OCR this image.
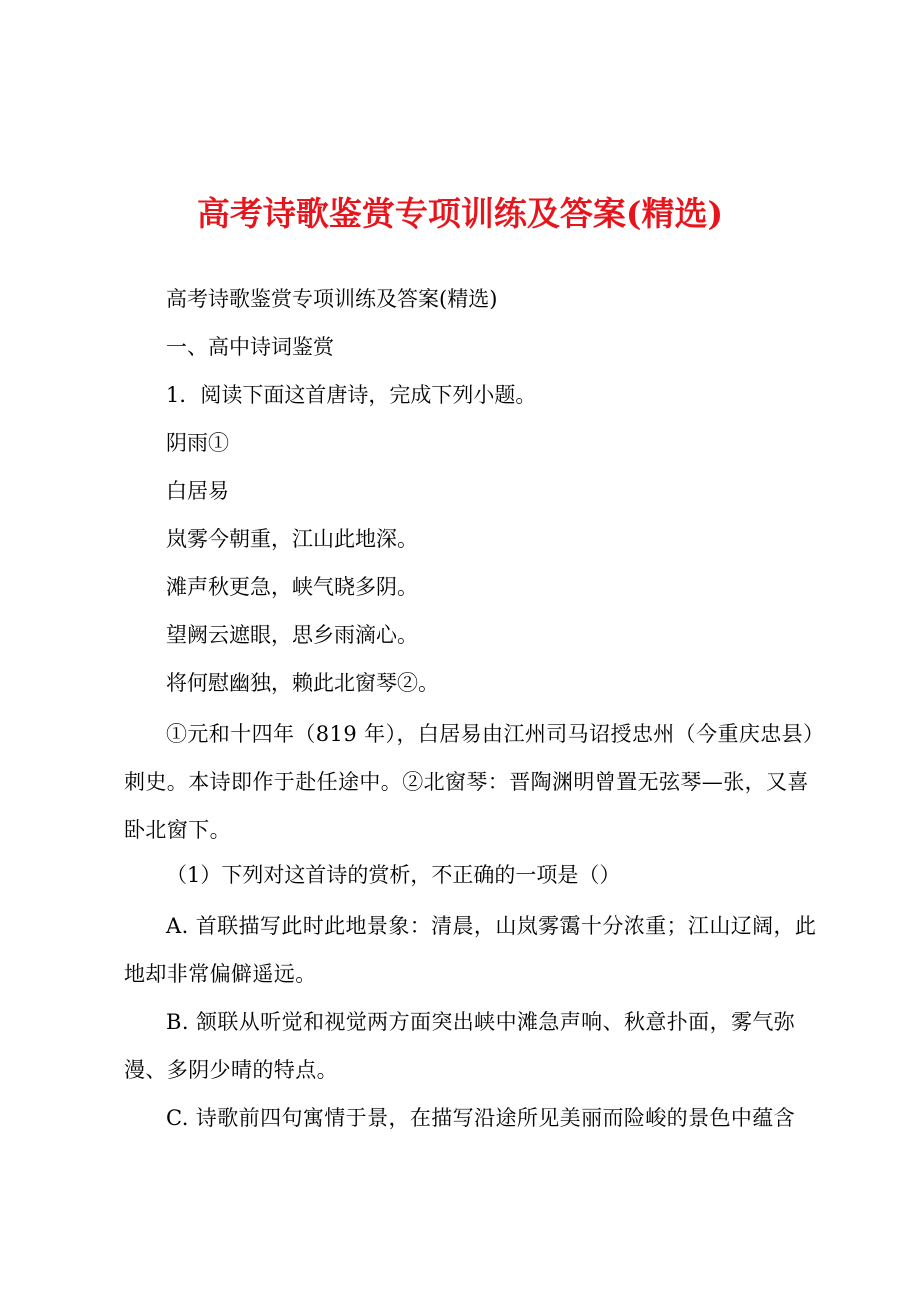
高考诗歌鉴赏专项训练及答案(精选)
高考诗歌鉴赏专项训练及答案(精选)
一、高中诗词鉴赏
1．阅读下面这首唐诗，完成下列小题。
阴雨①
白居易
岚雾今朝重，江山此地深。
滩声秋更急，峡气晓多阴。
望阙云遮眼，思乡雨滴心。
将何慰幽独，赖此北窗琴②。
①元和十四年（819 年），白居易由江州司马诏授忠州（今重庆忠县）刺史。本诗即作于赴任途中。②北窗琴：晋陶渊明曾置无弦琴—张，又喜卧北窗下。
（1）下列对这首诗的赏析，不正确的一项是（）
A. 首联描写此时此地景象：清晨，山岚雾霭十分浓重；江山辽阔，此地却非常偏僻遥远。
B. 颔联从听觉和视觉两方面突出峡中滩急声响、秋意扑面，雾气弥漫、多阴少晴的特点。
C. 诗歌前四句寓情于景，在描写沿途所见美丽而险峻的景色中蕴含
